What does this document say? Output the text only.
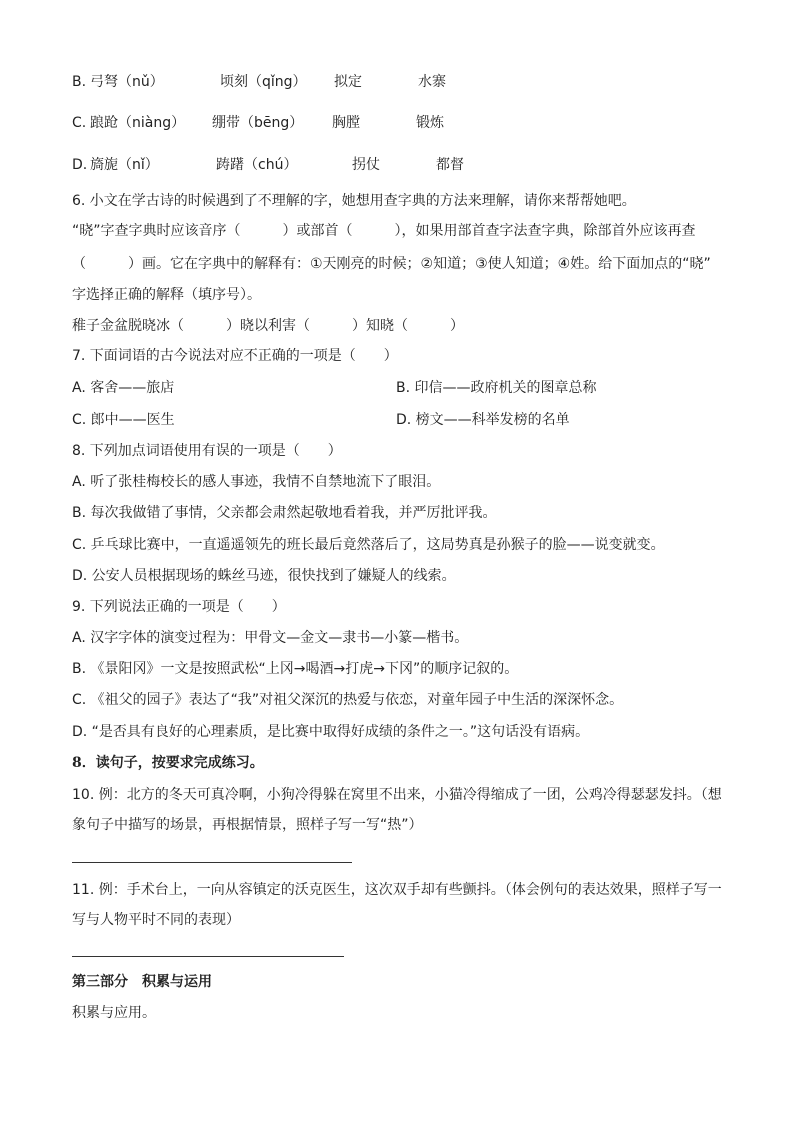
B. 弓弩（nǔ）	顷刻（qǐng） 拟定	水寨
C. 踉跄（niàng） 绷带（bēng） 胸膛	锻炼
D. 旖旎（nǐ）	踌躇（chú）	拐仗	都督
6. 小文在学古诗的时候遇到了不理解的字，她想用查字典的方法来理解，请你来帮帮她吧。
“晓”字查字典时应该音序（　　　）或部首（　　　），如果用部首查字法查字典，除部首外应该再查
（　　　）画。它在字典中的解释有：①天刚亮的时候；②知道；③使人知道；④姓。给下面加点的“晓”
字选择正确的解释（填序号）。
稚子金盆脱晓冰（　　　）晓以利害（　　　）知晓（　　　）
7. 下面词语的古今说法对应不正确的一项是（　　）
A. 客舍——旅店	B. 印信——政府机关的图章总称
C. 郎中——医生	D. 榜文——科举发榜的名单
8. 下列加点词语使用有误的一项是（　　）
A. 听了张桂梅校长的感人事迹，我情不自禁地流下了眼泪。
B. 每次我做错了事情，父亲都会肃然起敬地看着我，并严厉批评我。
C. 乒乓球比赛中，一直遥遥领先的班长最后竟然落后了，这局势真是孙猴子的脸——说变就变。
D. 公安人员根据现场的蛛丝马迹，很快找到了嫌疑人的线索。
9. 下列说法正确的一项是（　　）
A. 汉字字体的演变过程为：甲骨文—金文—隶书—小篆—楷书。
B. 《景阳冈》一文是按照武松“上冈→喝酒→打虎→下冈”的顺序记叙的。
C. 《祖父的园子》表达了“我”对祖父深沉的热爱与依恋，对童年园子中生活的深深怀念。
D. “是否具有良好的心理素质，是比赛中取得好成绩的条件之一。”这句话没有语病。
8．读句子，按要求完成练习。
10. 例：北方的冬天可真冷啊，小狗冷得躲在窝里不出来，小猫冷得缩成了一团，公鸡冷得瑟瑟发抖。（想
象句子中描写的场景，再根据情景，照样子写一写“热”）
11. 例：手术台上，一向从容镇定的沃克医生，这次双手却有些颤抖。（体会例句的表达效果，照样子写一
写与人物平时不同的表现）
第三部分　积累与运用
积累与应用。
